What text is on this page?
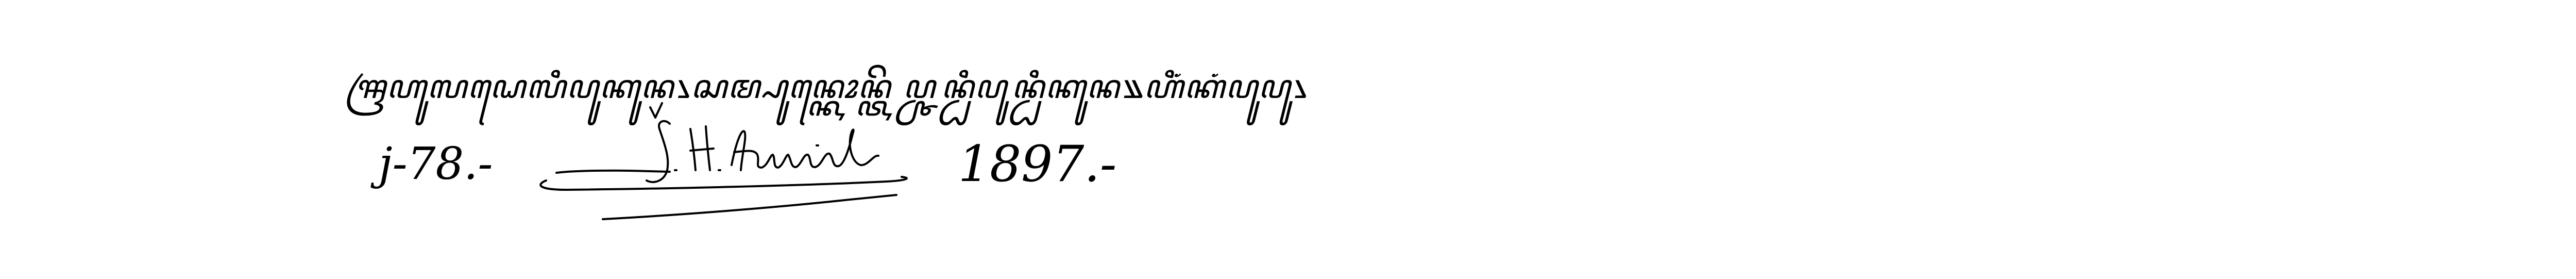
ꦯꦿꦲꦸꦭꦝꦺꦭꦶꦥꦸꦏꦸꦤ꧈ꦱꦩ꧀ꦥꦸꦤ꧀ꦏꦺꦴꦤ꧀ꦠꦼꦥ꧀ꦕꦤ꧀ꦝꦶꦥꦸꦤ꧀ꦝꦶꦏꦸꦤ꧉ꦲꦶꦁꦏꦁꦥꦸꦥꦸ꧈
j-78.-	1897.-
